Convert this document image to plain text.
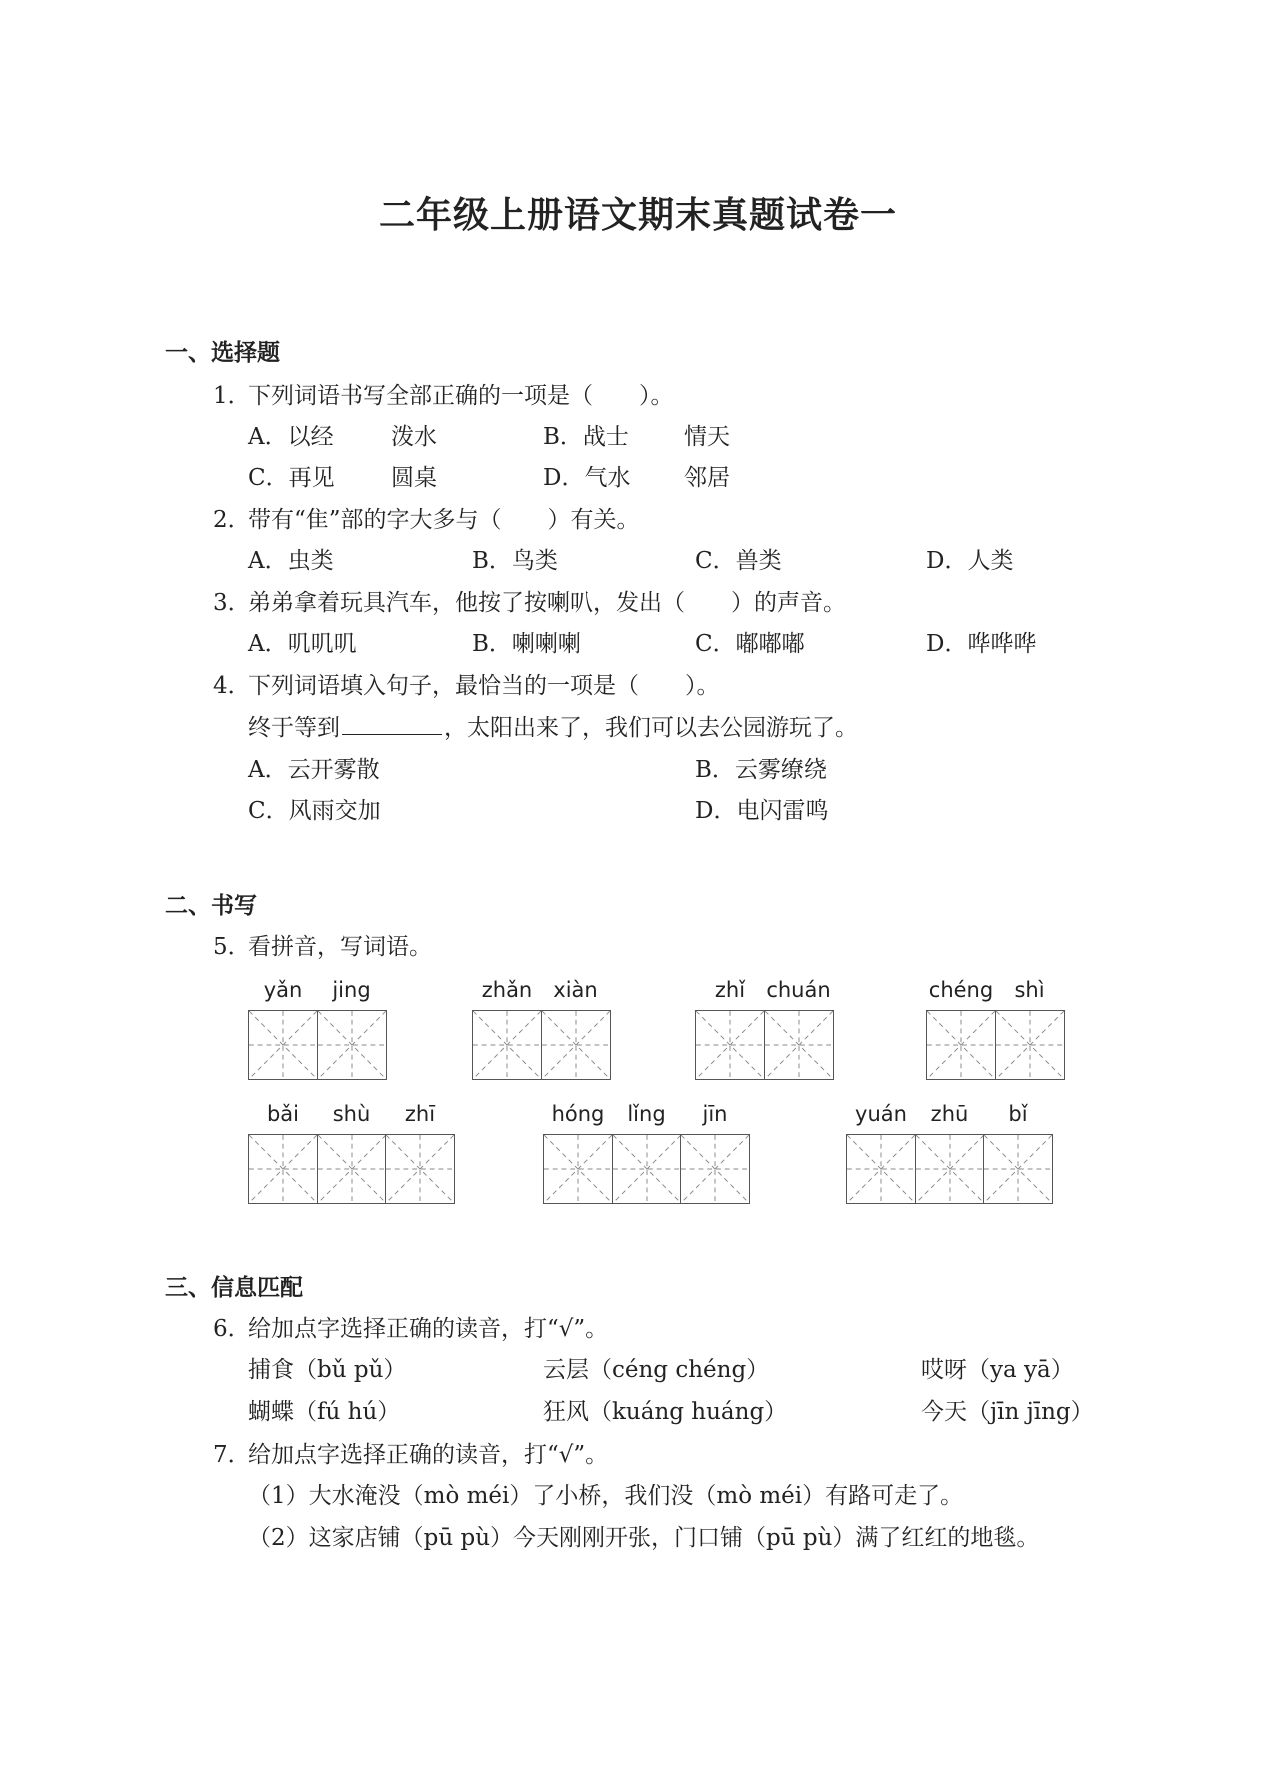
二年级上册语文期末真题试卷一
一、选择题
1．
下列词语书写全部正确的一项是（　　）。
A．以经 泼水	B．战士 情天
C．再见 圆桌	D．气水 邻居
2．
带有“隹”部的字大多与（　　）有关。
A．虫类	B．鸟类	C．兽类	D．人类
3．
弟弟拿着玩具汽车，他按了按喇叭，发出（　　）的声音。
A．叽叽叽	B．喇喇喇	C．嘟嘟嘟	D．哗哗哗
4．
下列词语填入句子，最恰当的一项是（　　）。
终于等到	，太阳出来了，我们可以去公园游玩了。
A．云开雾散	B．云雾缭绕
C．风雨交加	D．电闪雷鸣
二、书写
5．
看拼音，写词语。
yǎn	jing	zhǎn	xiàn	zhǐ	chuán	chéng	shì
bǎi	shù	zhī	hóng	lǐng	jīn	yuán	zhū	bǐ
三、信息匹配
6．
给加点字选择正确的读音，打“√”。
捕食（bǔ pǔ）	云层（céng chéng）	哎呀（ya yā）
蝴蝶（fú hú）	狂风（kuáng huáng）	今天（jīn jīng）
7．
给加点字选择正确的读音，打“√”。
（1）大水淹没（mò méi）了小桥，我们没（mò méi）有路可走了。
（2）这家店铺（pū pù）今天刚刚开张，门口铺（pū pù）满了红红的地毯。
